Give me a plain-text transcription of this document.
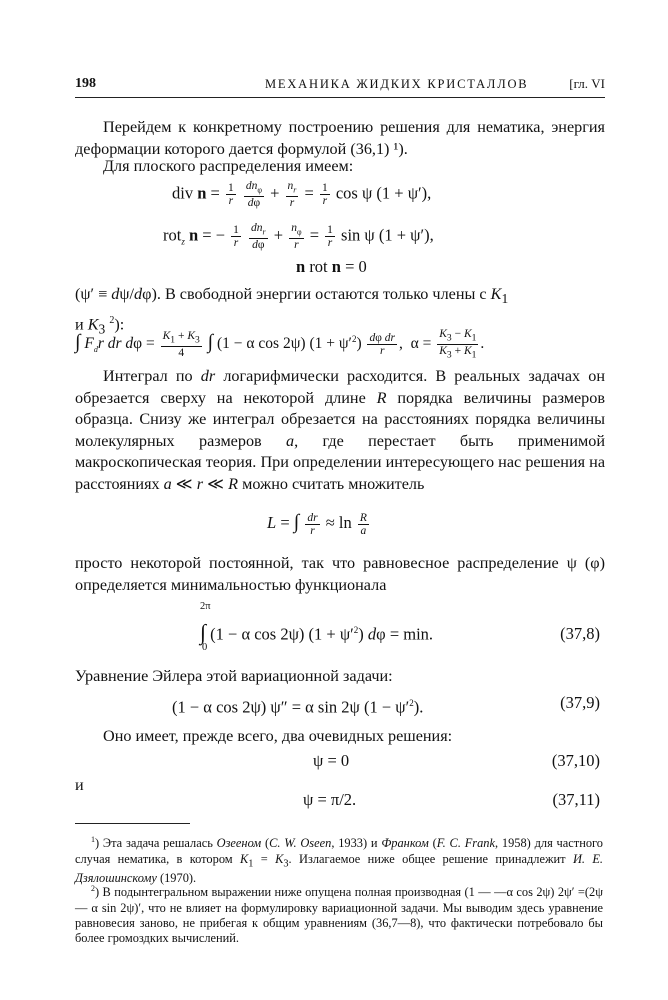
198	МЕХАНИКА ЖИДКИХ КРИСТАЛЛОВ	[гл. VI
Перейдем к конкретному построению решения для нематика, энергия деформации которого дается формулой (36,1) ¹).
Для плоского распределения имеем:
div $n = \frac{1}{r}$
$\frac{dn_\varphi}{d\varphi} + \frac{n_r}{r} = \frac{1}{r}$ cos ψ (1 + ψ′),
rot$_z$ n = − $\frac{1}{r}$
$\frac{dn_r}{d\varphi} + \frac{n_\varphi}{r} = \frac{1}{r}$ sin ψ (1 + ψ′),
n rot n = 0
(ψ′ ≡ dψ/dφ). В свободной энергии остаются только члены с $K_1$
и $K_3$ $^2$):
∫ $F_dr$ dr $d\varphi = \frac{K_1 + K_3}{4}$ ∫ (1 − α cos 2ψ) $(1 + \psi'^2) \frac{\text{dφ dr}}{r}$ ,  $\alpha = \frac{K_3 - K_1}{K_3 + K_1}$ .
Интеграл по dr логарифмически расходится. В реальных задачах он обрезается сверху на некоторой длине R порядка величины размеров образца. Снизу же интеграл обрезается на расстояниях порядка величины молекулярных размеров a, где перестает быть применимой макроскопическая теория. При определении интересующего нас решения на расстояниях a ≪ r ≪ R можно считать множитель
L = ∫ $\frac{dr}{r} \approx \ln \frac{R}{a}$
просто некоторой постоянной, так что равновесное распределение ψ (φ) определяется минимальностью функционала
2π
0
∫ (1 − α cos 2ψ) $(1 + \psi'^2)$ dφ = min.	(37,8)
Уравнение Эйлера этой вариационной задачи:
(1 − α cos 2ψ) ψ″ = α sin 2ψ $(1 - \psi'^2)$.	(37,9)
Оно имеет, прежде всего, два очевидных решения:
ψ = 0	(37,10)
и
ψ = π/2.	(37,11)
$^1$) Эта задача решалась Озееном (C. W. Oseen, 1933) и Франком (F. C. Frank, 1958) для частного случая нематика, в котором $K_1 = K_3$. Излагаемое ниже общее решение принадлежит И. Е. Дзялошинскому (1970).
$^2$) В подынтегральном выражении ниже опущена полная производная (1 — —α cos 2ψ) 2ψ′ =(2ψ — α sin 2ψ)′, что не влияет на формулировку вариационной задачи. Мы выводим здесь уравнение равновесия заново, не прибегая к общим уравнениям (36,7—8), что фактически потребовало бы более громоздких вычислений.
